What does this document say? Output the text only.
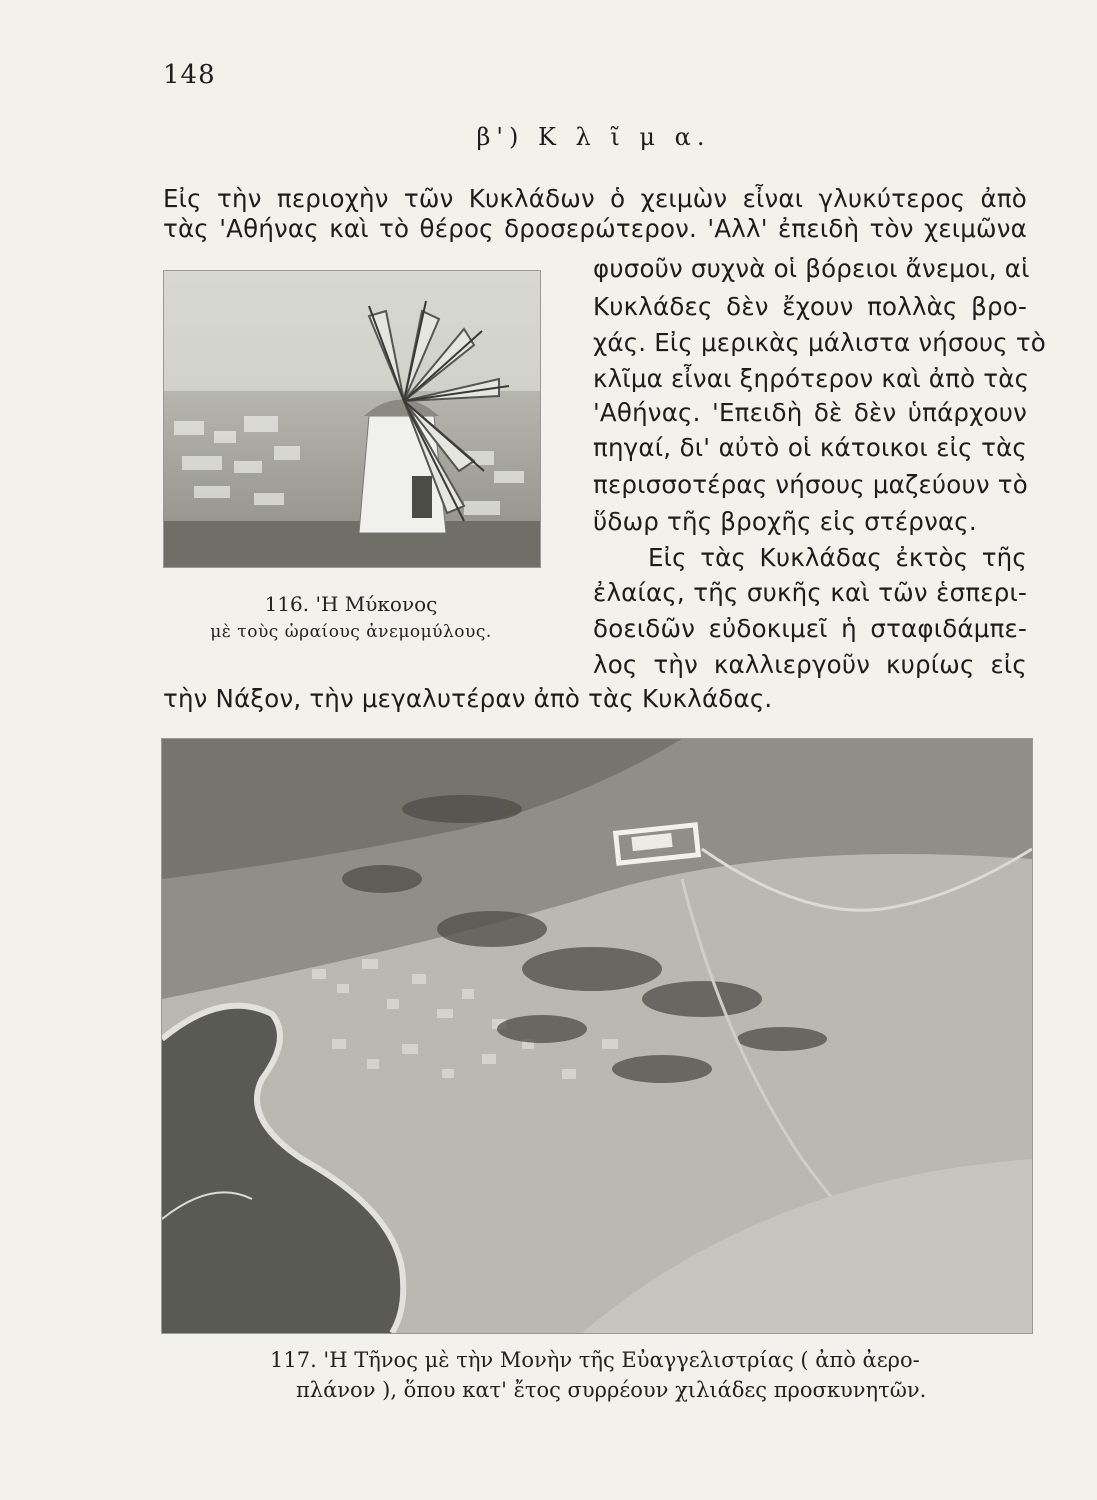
148
β') Κ λ ῖ μ α.
Εἰς τὴν περιοχὴν τῶν Κυκλάδων ὁ χειμὼν εἶναι γλυκύτερος ἀπὸ
τὰς 'Αθήνας καὶ τὸ θέρος δροσερώτερον. 'Αλλ' ἐπειδὴ τὸν χειμῶνα
φυσοῦν συχνὰ οἱ βόρειοι ἄνεμοι, αἱ
Κυκλάδες δὲν ἔχουν πολλὰς βρο-
χάς. Εἰς μερικὰς μάλιστα νήσους τὸ
κλῖμα εἶναι ξηρότερον καὶ ἀπὸ τὰς
'Αθήνας. 'Επειδὴ δὲ δὲν ὑπάρχουν
πηγαί, δι' αὐτὸ οἱ κάτοικοι εἰς τὰς
περισσοτέρας νήσους μαζεύουν τὸ
ὕδωρ τῆς βροχῆς εἰς στέρνας.
Εἰς τὰς Κυκλάδας ἐκτὸς τῆς
ἐλαίας, τῆς συκῆς καὶ τῶν ἑσπερι-
δοειδῶν εὐδοκιμεῖ ἡ σταφιδάμπε-
λος τὴν καλλιεργοῦν κυρίως εἰς
τὴν Νάξον, τὴν μεγαλυτέραν ἀπὸ τὰς Κυκλάδας.
116. 'Η Μύκονος
μὲ τοὺς ὡραίους ἀνεμομύλους.
117. 'Η Τῆνος μὲ τὴν Μονὴν τῆς Εὐαγγελιστρίας ( ἀπὸ ἀερο-
πλάνον ), ὅπου κατ' ἔτος συρρέουν χιλιάδες προσκυνητῶν.
